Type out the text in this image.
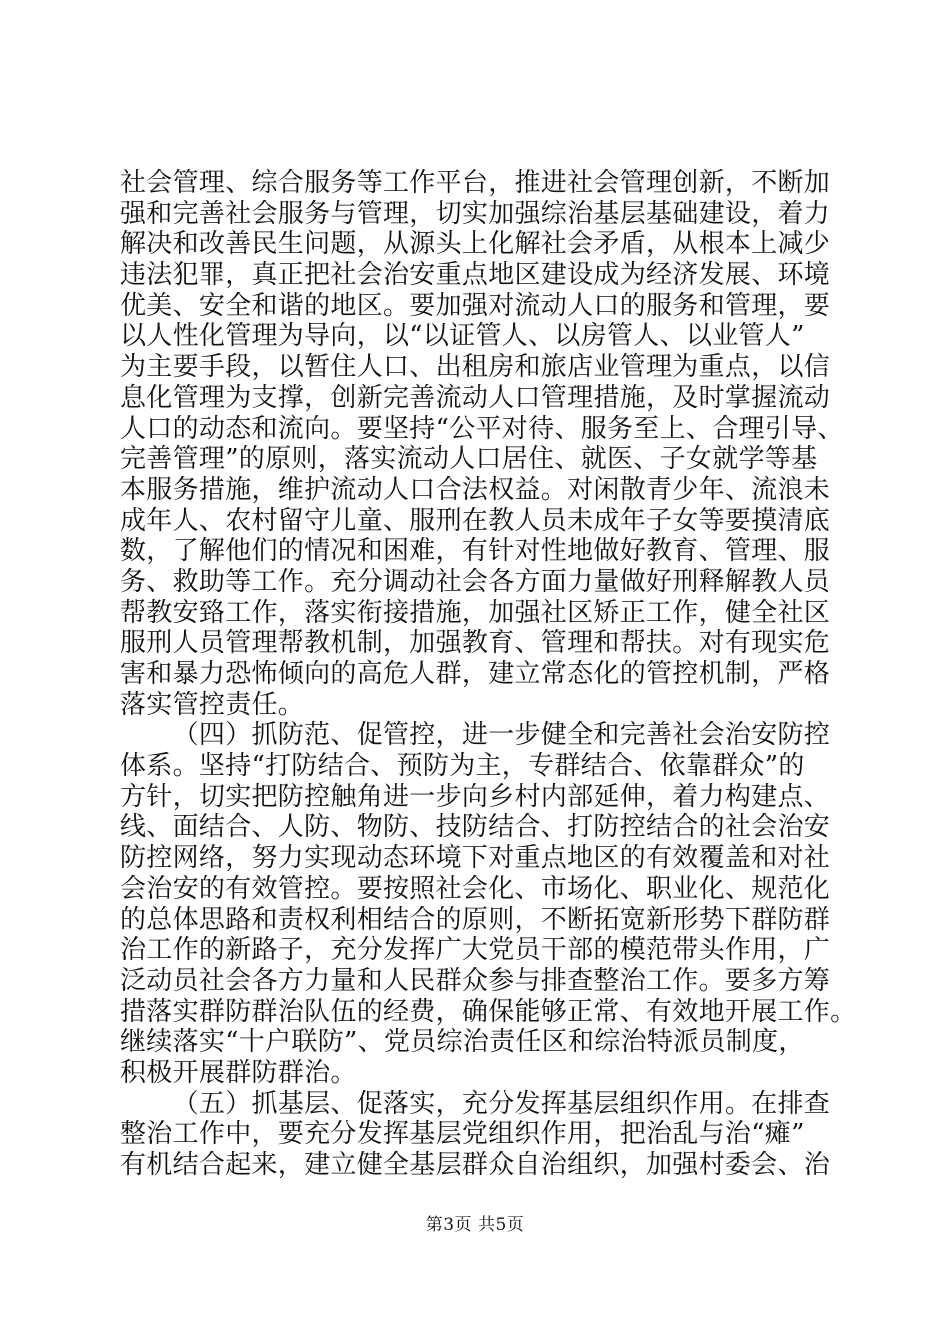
社会管理、综合服务等工作平台，推进社会管理创新，不断加
强和完善社会服务与管理，切实加强综治基层基础建设，着力
解决和改善民生问题，从源头上化解社会矛盾，从根本上减少
违法犯罪，真正把社会治安重点地区建设成为经济发展、环境
优美、安全和谐的地区。要加强对流动人口的服务和管理，要
以人性化管理为导向，以“以证管人、以房管人、以业管人”
为主要手段，以暂住人口、出租房和旅店业管理为重点，以信
息化管理为支撑，创新完善流动人口管理措施，及时掌握流动
人口的动态和流向。要坚持“公平对待、服务至上、合理引导、
完善管理”的原则，落实流动人口居住、就医、子女就学等基
本服务措施，维护流动人口合法权益。对闲散青少年、流浪未
成年人、农村留守儿童、服刑在教人员未成年子女等要摸清底
数，了解他们的情况和困难，有针对性地做好教育、管理、服
务、救助等工作。充分调动社会各方面力量做好刑释解教人员
帮教安臵工作，落实衔接措施，加强社区矫正工作，健全社区
服刑人员管理帮教机制，加强教育、管理和帮扶。对有现实危
害和暴力恐怖倾向的高危人群，建立常态化的管控机制，严格
落实管控责任。
（四）抓防范、促管控，进一步健全和完善社会治安防控
体系。坚持“打防结合、预防为主，专群结合、依靠群众”的
方针，切实把防控触角进一步向乡村内部延伸，着力构建点、
线、面结合、人防、物防、技防结合、打防控结合的社会治安
防控网络，努力实现动态环境下对重点地区的有效覆盖和对社
会治安的有效管控。要按照社会化、市场化、职业化、规范化
的总体思路和责权利相结合的原则，不断拓宽新形势下群防群
治工作的新路子，充分发挥广大党员干部的模范带头作用，广
泛动员社会各方力量和人民群众参与排查整治工作。要多方筹
措落实群防群治队伍的经费，确保能够正常、有效地开展工作。
继续落实“十户联防”、党员综治责任区和综治特派员制度，
积极开展群防群治。
（五）抓基层、促落实，充分发挥基层组织作用。在排查
整治工作中，要充分发挥基层党组织作用，把治乱与治“瘫”
有机结合起来，建立健全基层群众自治组织，加强村委会、治
第3页 共5页
